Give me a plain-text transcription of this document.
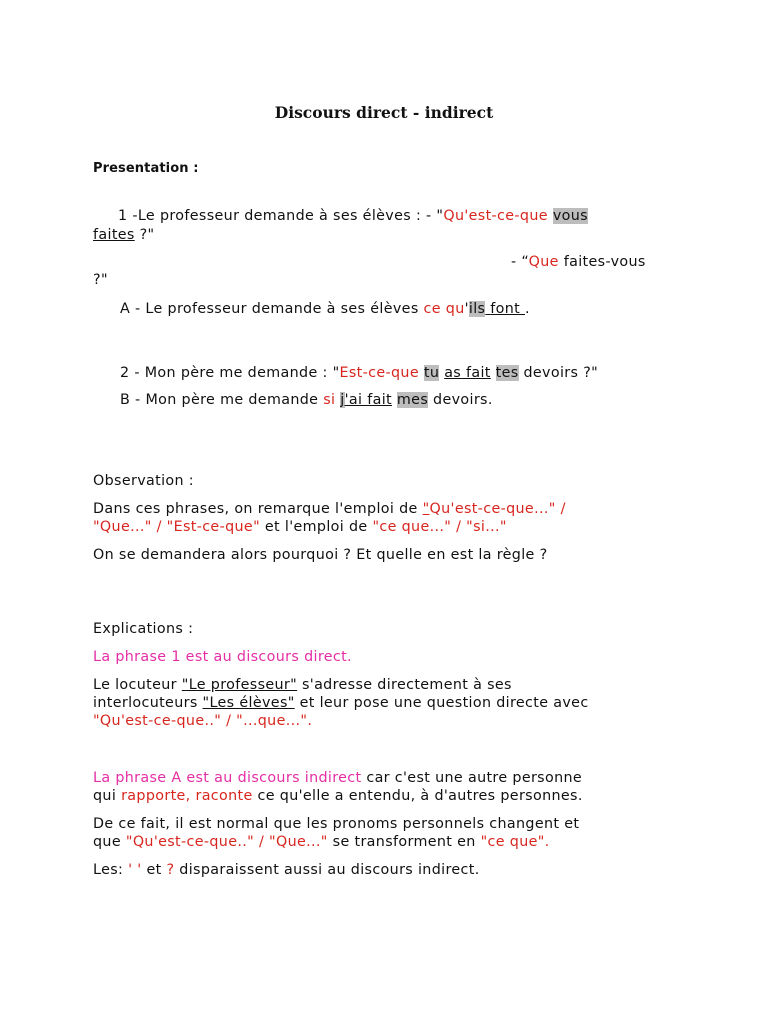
Discours direct - indirect

Presentation :

1 -Le professeur demande à ses élèves : - "Qu'est-ce-que vous

faites ?"

- “Que faites-vous

?"

A - Le professeur demande à ses élèves ce qu'ils font .

2 - Mon père me demande : "Est-ce-que tu as fait tes devoirs ?"

B - Mon père me demande si j'ai fait mes devoirs.

Observation :

Dans ces phrases, on remarque l'emploi de "Qu'est-ce-que..." /

"Que..." / "Est-ce-que" et l'emploi de "ce que..." / "si..."

On se demandera alors pourquoi ? Et quelle en est la règle ?

Explications :

La phrase 1 est au discours direct.

Le locuteur "Le professeur" s'adresse directement à ses

interlocuteurs "Les élèves" et leur pose une question directe avec

"Qu'est-ce-que.." / "...que...".

La phrase A est au discours indirect car c'est une autre personne

qui rapporte, raconte ce qu'elle a entendu, à d'autres personnes.

De ce fait, il est normal que les pronoms personnels changent et

que "Qu'est-ce-que.." / "Que..." se transforment en "ce que".

Les: ' ' et ? disparaissent aussi au discours indirect.
